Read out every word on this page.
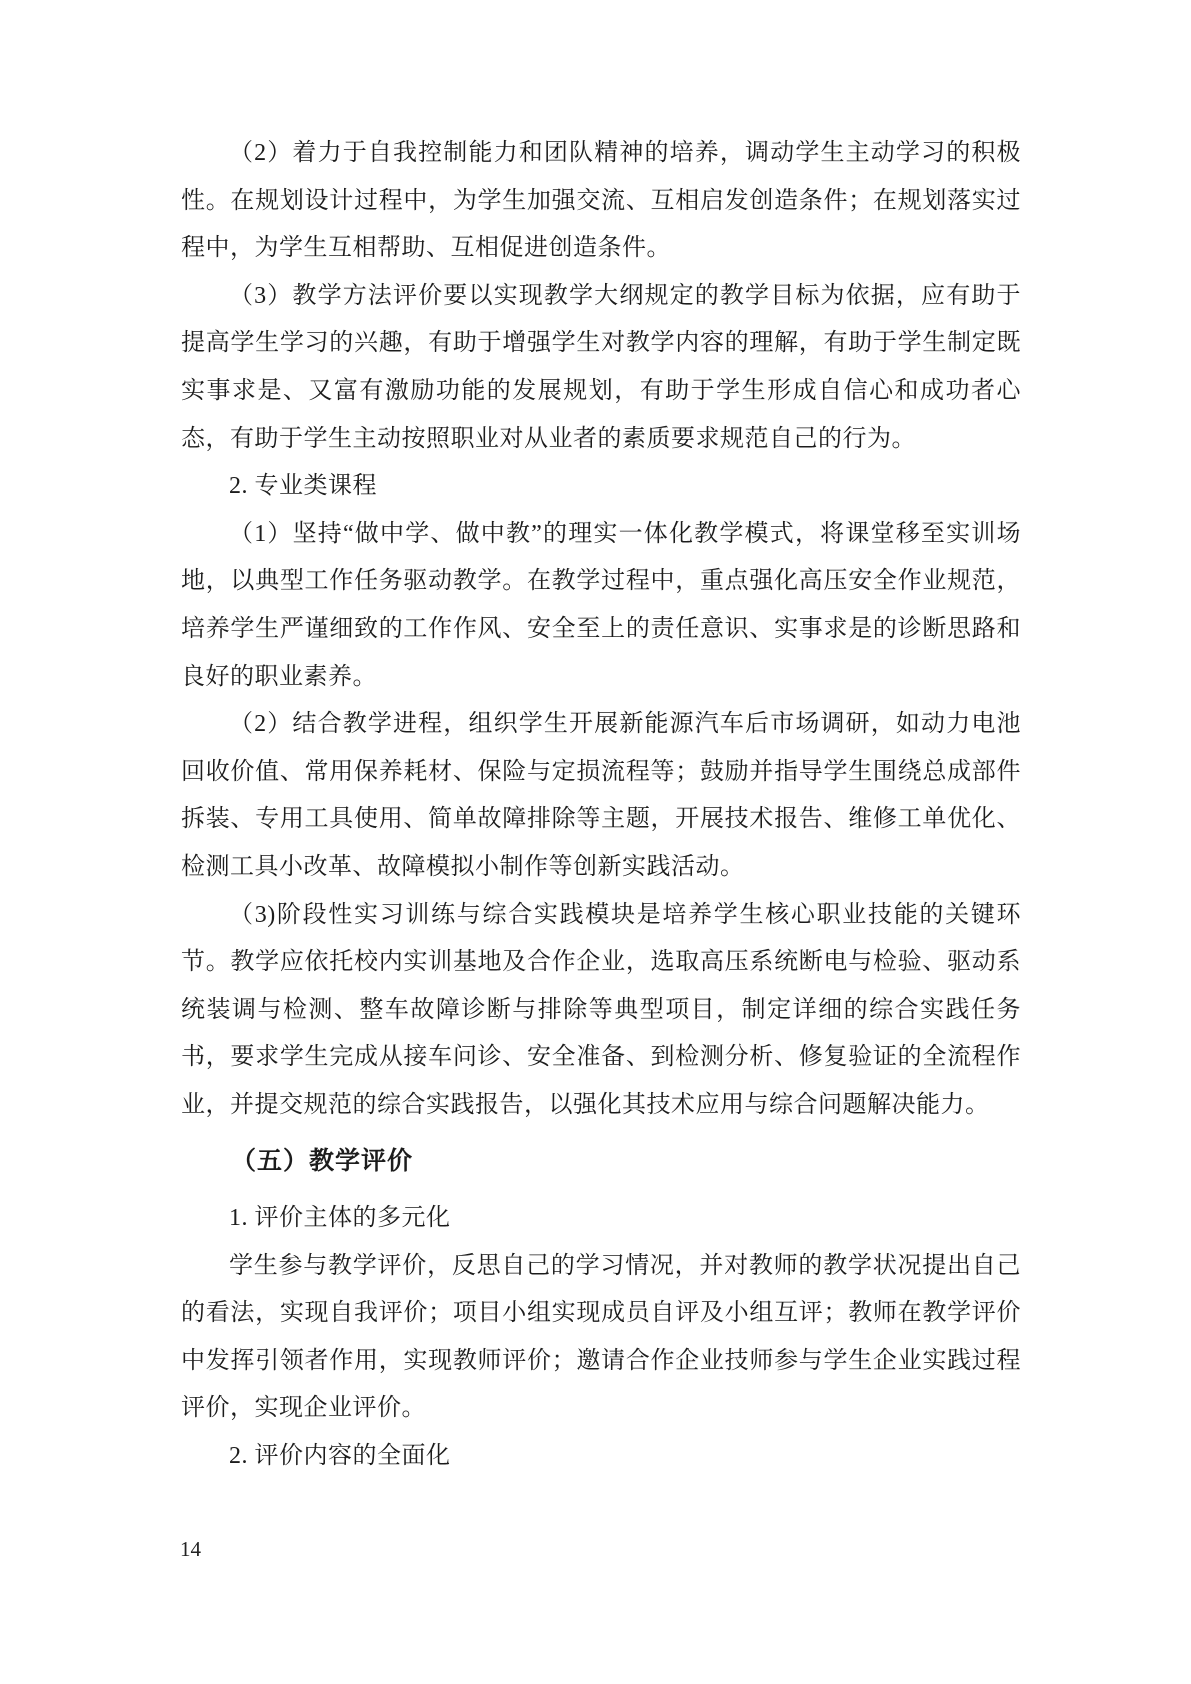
（2）着力于自我控制能力和团队精神的培养，调动学生主动学习的积极性。在规划设计过程中，为学生加强交流、互相启发创造条件；在规划落实过程中，为学生互相帮助、互相促进创造条件。

（3）教学方法评价要以实现教学大纲规定的教学目标为依据，应有助于提高学生学习的兴趣，有助于增强学生对教学内容的理解，有助于学生制定既实事求是、又富有激励功能的发展规划，有助于学生形成自信心和成功者心态，有助于学生主动按照职业对从业者的素质要求规范自己的行为。

2. 专业类课程

（1）坚持“做中学、做中教”的理实一体化教学模式，将课堂移至实训场地，以典型工作任务驱动教学。在教学过程中，重点强化高压安全作业规范，培养学生严谨细致的工作作风、安全至上的责任意识、实事求是的诊断思路和良好的职业素养。

（2）结合教学进程，组织学生开展新能源汽车后市场调研，如动力电池回收价值、常用保养耗材、保险与定损流程等；鼓励并指导学生围绕总成部件拆装、专用工具使用、简单故障排除等主题，开展技术报告、维修工单优化、检测工具小改革、故障模拟小制作等创新实践活动。

（3)阶段性实习训练与综合实践模块是培养学生核心职业技能的关键环节。教学应依托校内实训基地及合作企业，选取高压系统断电与检验、驱动系统装调与检测、整车故障诊断与排除等典型项目，制定详细的综合实践任务书，要求学生完成从接车问诊、安全准备、到检测分析、修复验证的全流程作业，并提交规范的综合实践报告，以强化其技术应用与综合问题解决能力。

（五）教学评价

1. 评价主体的多元化

学生参与教学评价，反思自己的学习情况，并对教师的教学状况提出自己的看法，实现自我评价；项目小组实现成员自评及小组互评；教师在教学评价中发挥引领者作用，实现教师评价；邀请合作企业技师参与学生企业实践过程评价，实现企业评价。

2. 评价内容的全面化

14
